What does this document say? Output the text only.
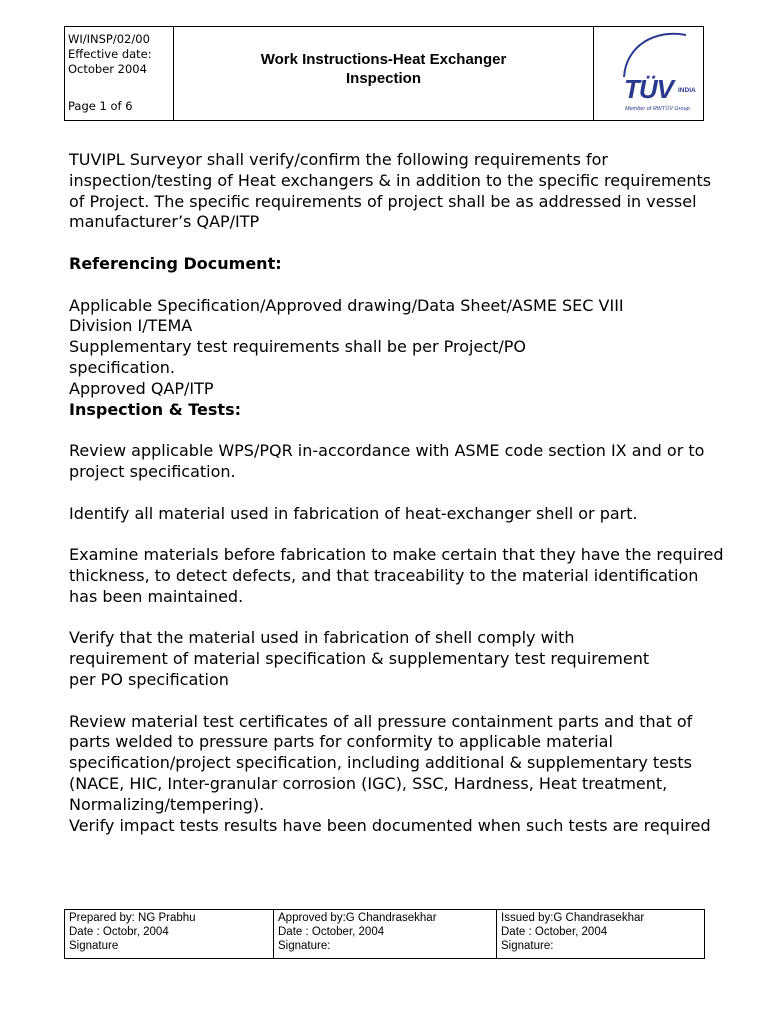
WI/INSP/02/00
Effective date:
October 2004
Page 1 of 6
Work Instructions-Heat Exchanger
Inspection	TÜV INDIA
Member of RWTÜV Group

TUVIPL Surveyor shall verify/confirm the following requirements for inspection/testing of Heat exchangers & in addition to the specific requirements of Project. The specific requirements of project shall be as addressed in vessel manufacturer’s QAP/ITP

Referencing Document:

Applicable Specification/Approved drawing/Data Sheet/ASME SEC VIII Division I/TEMA

Supplementary test requirements shall be per Project/PO specification.

Approved QAP/ITP

Inspection & Tests:

Review applicable WPS/PQR in-accordance with ASME code section IX and or to project specification.

Identify all material used in fabrication of heat-exchanger shell or part.

Examine materials before fabrication to make certain that they have the required thickness, to detect defects, and that traceability to the material identification has been maintained.

Verify that the material used in fabrication of shell comply with requirement of material specification & supplementary test requirement per PO specification

Review material test certificates of all pressure containment parts and that of parts welded to pressure parts for conformity to applicable material specification/project specification, including additional & supplementary tests (NACE, HIC, Inter-granular corrosion (IGC), SSC, Hardness, Heat treatment, Normalizing/tempering).

Verify impact tests results have been documented when such tests are required

Prepared by: NG Prabhu
Date : Octobr, 2004
Signature
Approved by:G Chandrasekhar
Date : October, 2004
Signature:
Issued by:G Chandrasekhar
Date : October, 2004
Signature:
